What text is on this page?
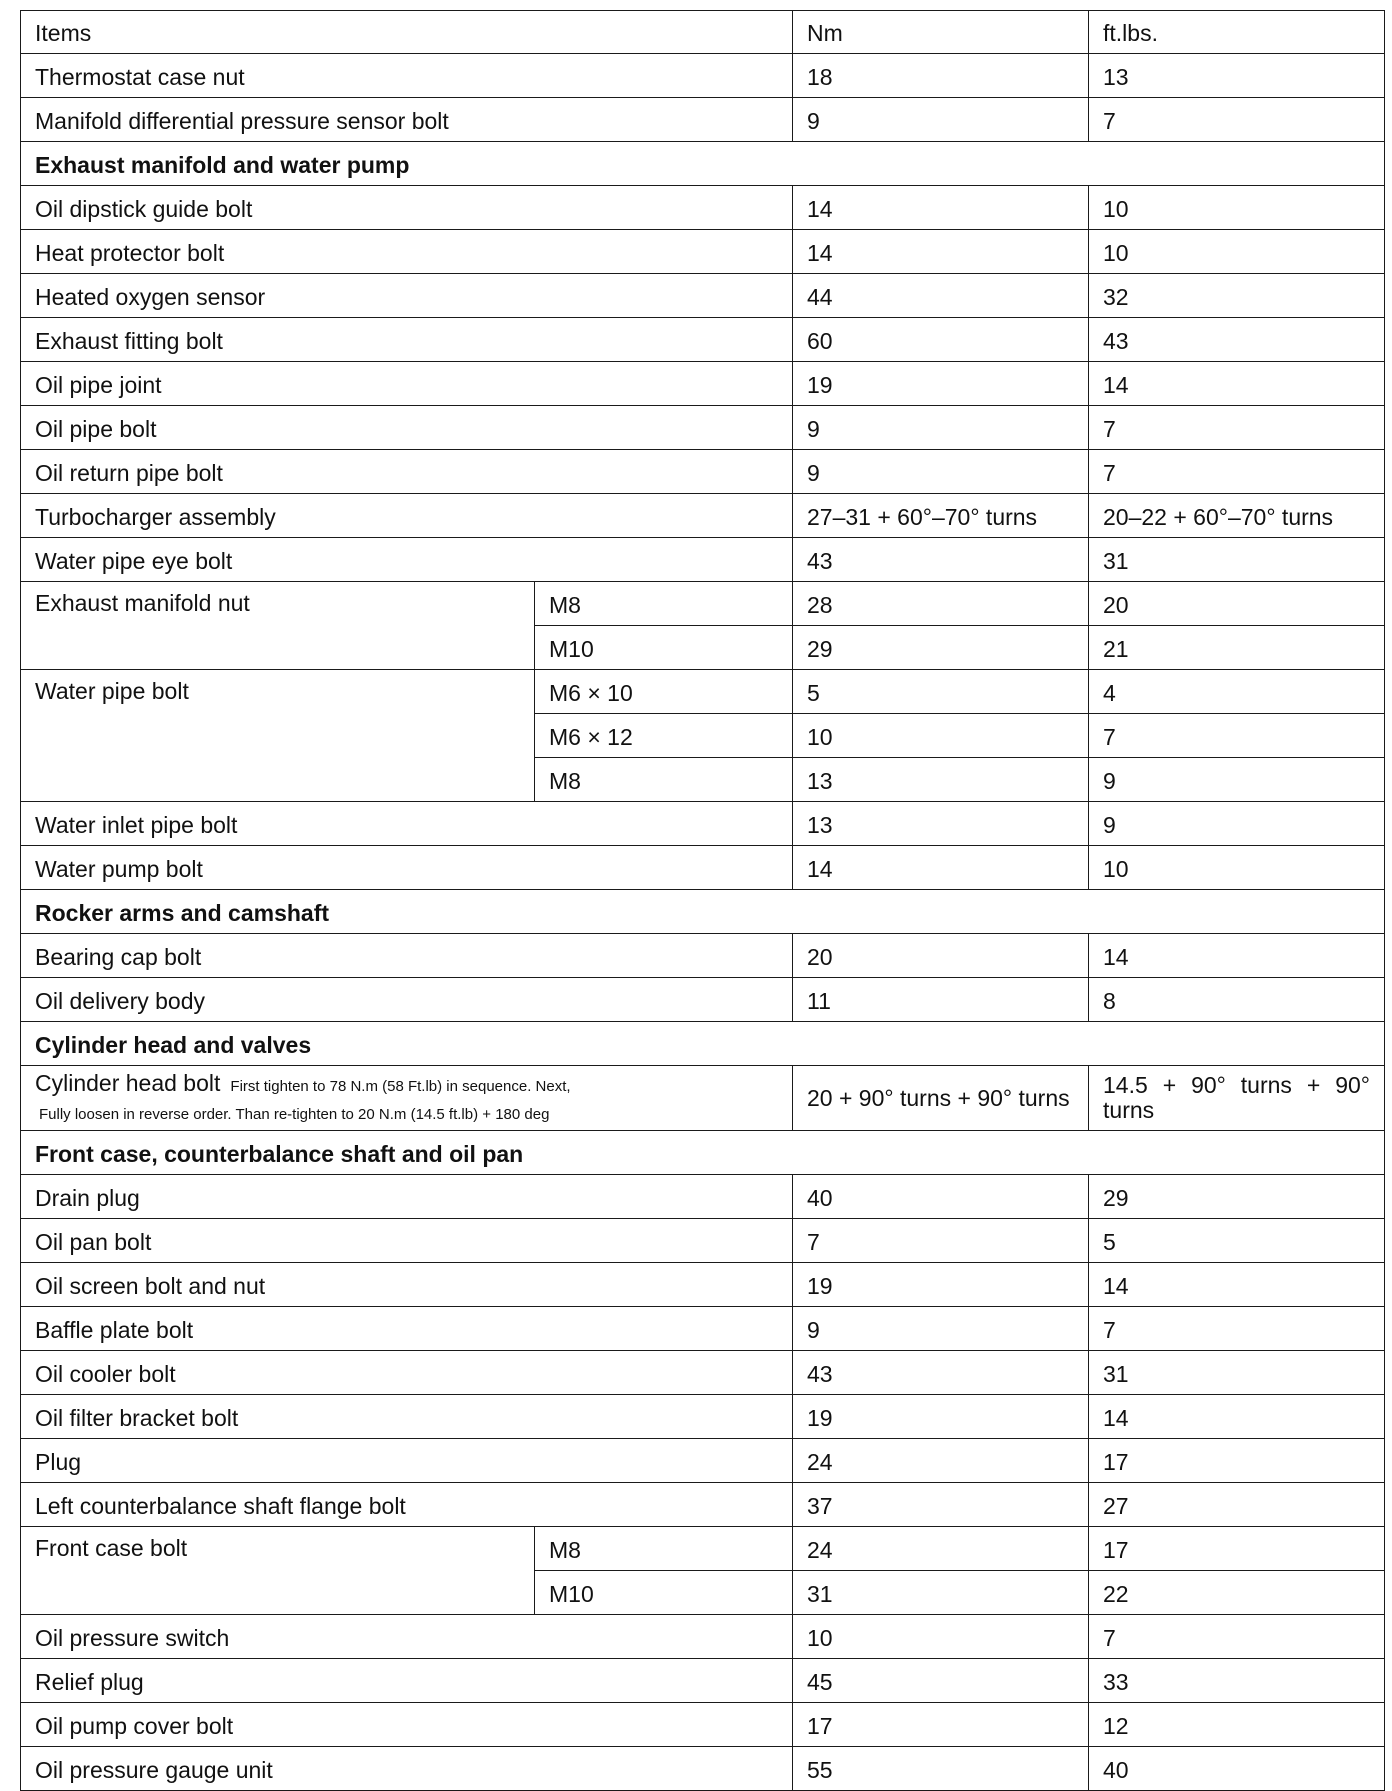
Items		Nm	ft.lbs.
Thermostat case nut		18	13
Manifold differential pressure sensor bolt		9	7
Exhaust manifold and water pump			
Oil dipstick guide bolt		14	10
Heat protector bolt		14	10
Heated oxygen sensor		44	32
Exhaust fitting bolt		60	43
Oil pipe joint		19	14
Oil pipe bolt		9	7
Oil return pipe bolt		9	7
Turbocharger assembly		27–31 + 60°–70° turns	20–22 + 60°–70° turns
Water pipe eye bolt		43	31
Exhaust manifold nut	M8	28	20
	M10	29	21
Water pipe bolt	M6 × 10	5	4
	M6 × 12	10	7
	M8	13	9
Water inlet pipe bolt		13	9
Water pump bolt		14	10
Rocker arms and camshaft			
Bearing cap bolt		20	14
Oil delivery body		11	8
Cylinder head and valves			
Cylinder head bolt First tighten to 78 N.m (58 Ft.lb) in sequence. Next,
Fully loosen in reverse order. Than re-tighten to 20 N.m (14.5 ft.lb) + 180 deg		20 + 90° turns + 90° turns	14.5 + 90° turns + 90° turns
Front case, counterbalance shaft and oil pan			
Drain plug		40	29
Oil pan bolt		7	5
Oil screen bolt and nut		19	14
Baffle plate bolt		9	7
Oil cooler bolt		43	31
Oil filter bracket bolt		19	14
Plug		24	17
Left counterbalance shaft flange bolt		37	27
Front case bolt	M8	24	17
	M10	31	22
Oil pressure switch		10	7
Relief plug		45	33
Oil pump cover bolt		17	12
Oil pressure gauge unit		55	40
